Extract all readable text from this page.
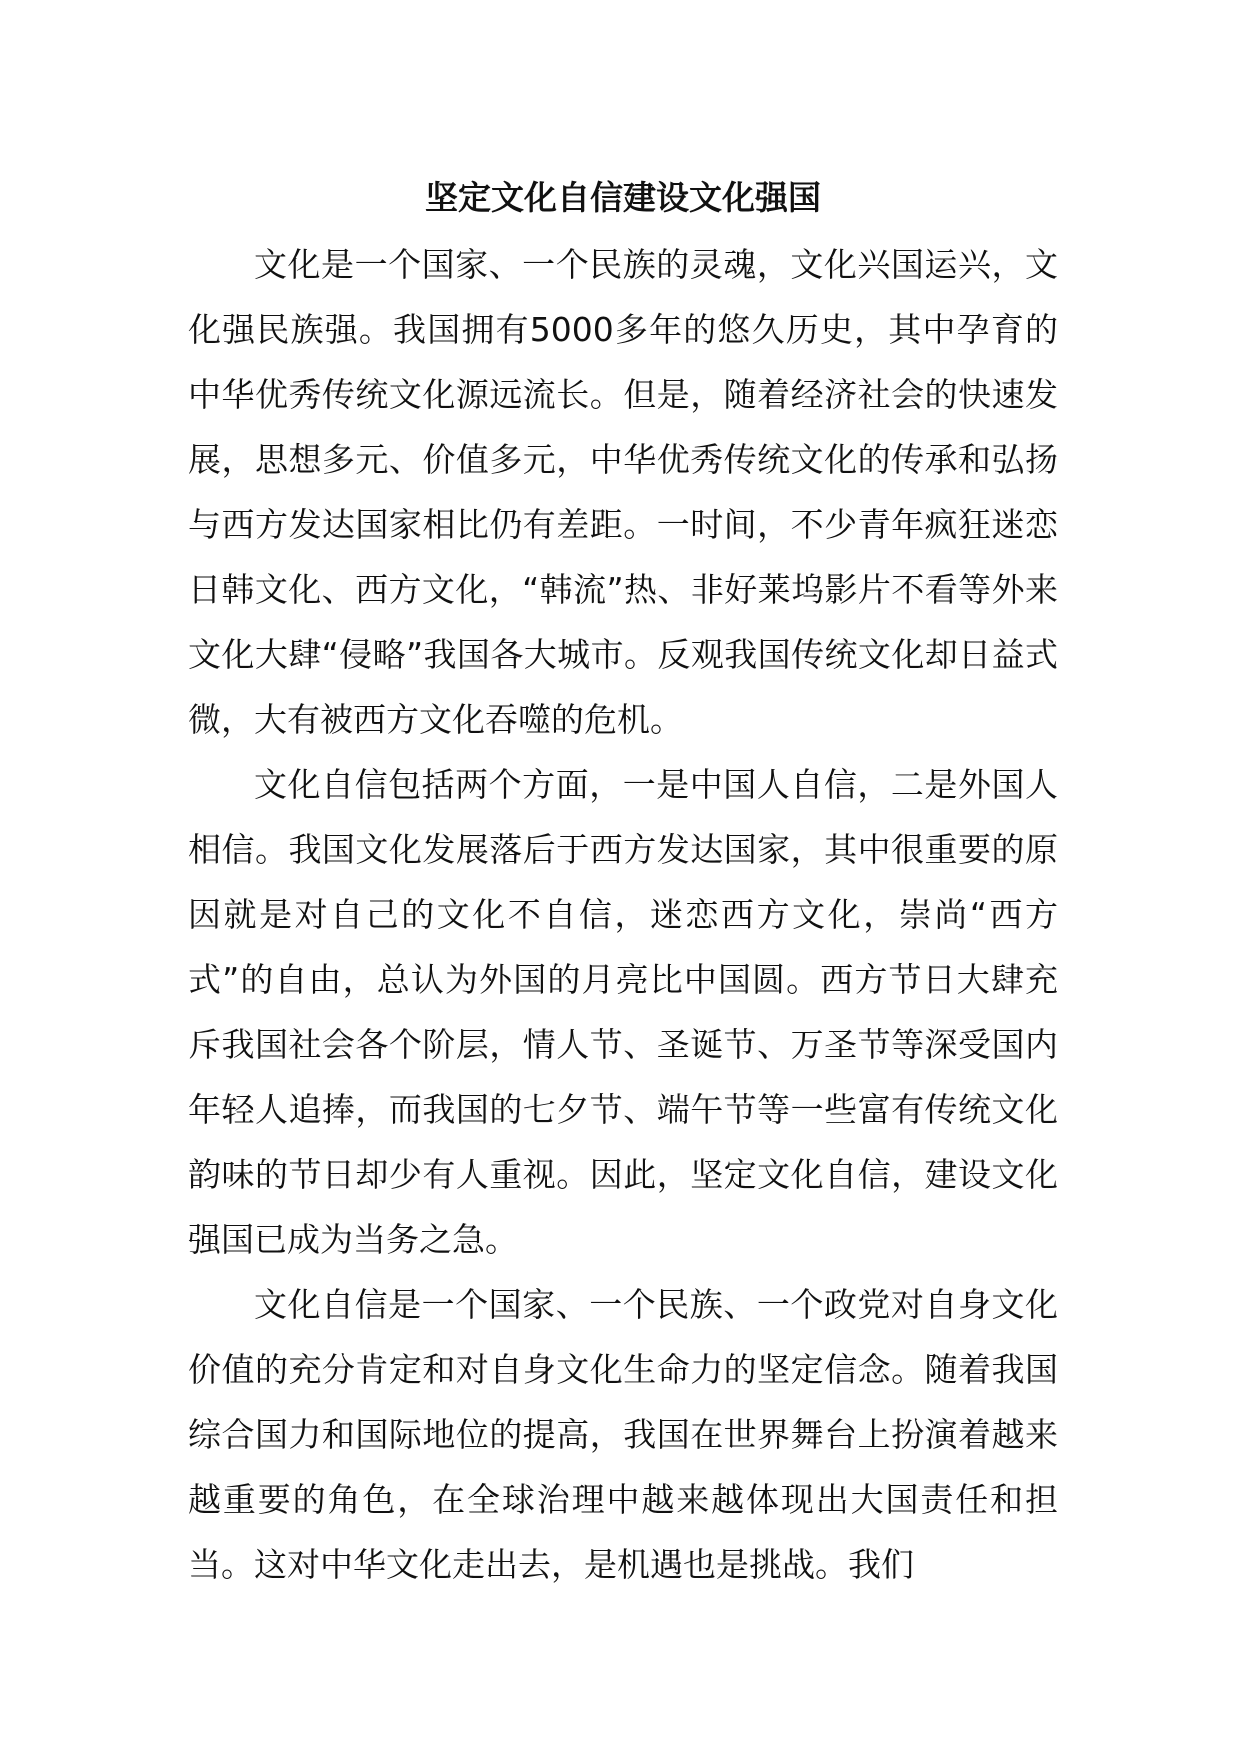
坚定文化自信建设文化强国

文化是一个国家、一个民族的灵魂，文化兴国运兴，文化强民族强。我国拥有5000多年的悠久历史，其中孕育的中华优秀传统文化源远流长。但是，随着经济社会的快速发展，思想多元、价值多元，中华优秀传统文化的传承和弘扬与西方发达国家相比仍有差距。一时间，不少青年疯狂迷恋日韩文化、西方文化，“韩流”热、非好莱坞影片不看等外来文化大肆“侵略”我国各大城市。反观我国传统文化却日益式微，大有被西方文化吞噬的危机。

文化自信包括两个方面，一是中国人自信，二是外国人相信。我国文化发展落后于西方发达国家，其中很重要的原因就是对自己的文化不自信，迷恋西方文化，崇尚“西方式”的自由，总认为外国的月亮比中国圆。西方节日大肆充斥我国社会各个阶层，情人节、圣诞节、万圣节等深受国内年轻人追捧，而我国的七夕节、端午节等一些富有传统文化韵味的节日却少有人重视。因此，坚定文化自信，建设文化强国已成为当务之急。

文化自信是一个国家、一个民族、一个政党对自身文化价值的充分肯定和对自身文化生命力的坚定信念。随着我国综合国力和国际地位的提高，我国在世界舞台上扮演着越来越重要的角色，在全球治理中越来越体现出大国责任和担当。这对中华文化走出去，是机遇也是挑战。我们
